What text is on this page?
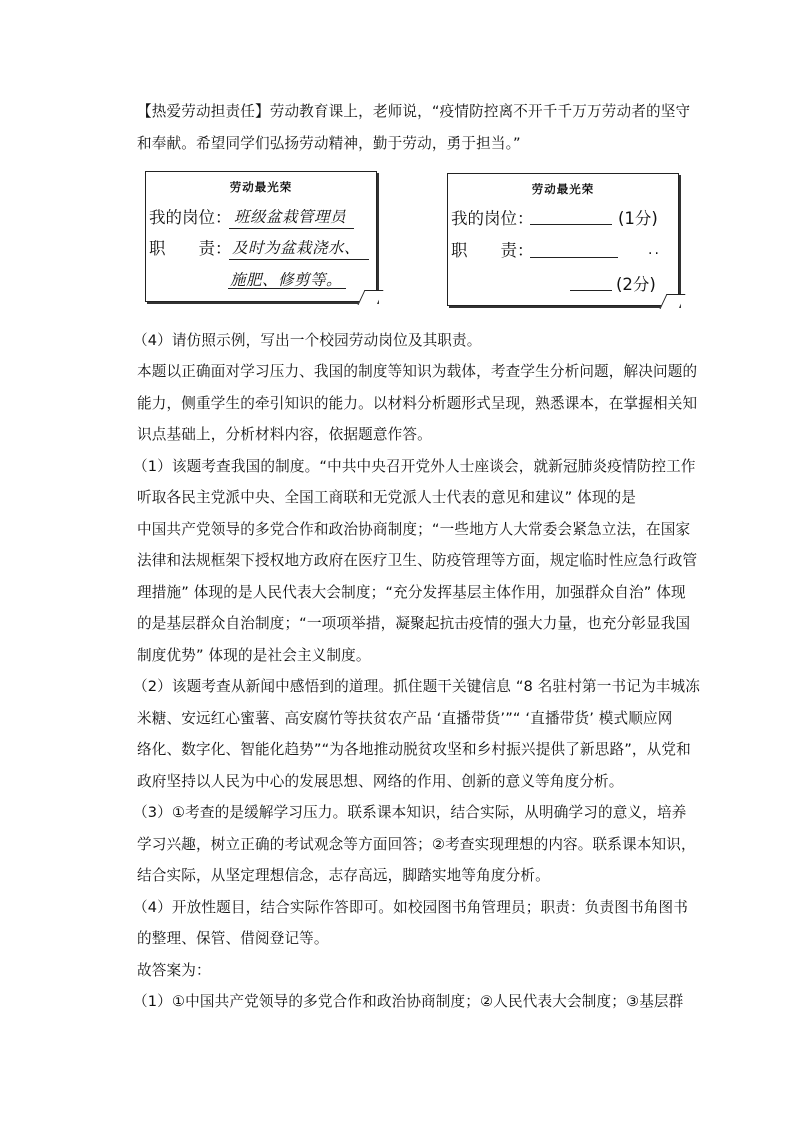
【热爱劳动担责任】劳动教育课上，老师说，“疫情防控离不开千千万万劳动者的坚守
和奉献。希望同学们弘扬劳动精神，勤于劳动，勇于担当。”
劳动最光荣
我的岗位： 班级盆栽管理员
职　　责： 及时为盆栽浇水、
施肥、修剪等。
劳动最光荣
我的岗位：	(1分)
职　　责：	..
(2分)
（4）请仿照示例，写出一个校园劳动岗位及其职责。
本题以正确面对学习压力、我国的制度等知识为载体，考查学生分析问题，解决问题的
能力，侧重学生的牵引知识的能力。以材料分析题形式呈现，熟悉课本，在掌握相关知
识点基础上，分析材料内容，依据题意作答。
（1）该题考查我国的制度。“中共中央召开党外人士座谈会，就新冠肺炎疫情防控工作
听取各民主党派中央、全国工商联和无党派人士代表的意见和建议” 体现的是
中国共产党领导的多党合作和政治协商制度；“一些地方人大常委会紧急立法，在国家
法律和法规框架下授权地方政府在医疗卫生、防疫管理等方面，规定临时性应急行政管
理措施” 体现的是人民代表大会制度；“充分发挥基层主体作用，加强群众自治” 体现
的是基层群众自治制度；“一项项举措，凝聚起抗击疫情的强大力量，也充分彰显我国
制度优势” 体现的是社会主义制度。
（2）该题考查从新闻中感悟到的道理。抓住题干关键信息 “8 名驻村第一书记为丰城冻
米糖、安远红心蜜薯、高安腐竹等扶贫农产品 ‘直播带货’”“ ‘直播带货’ 模式顺应网
络化、数字化、智能化趋势”“为各地推动脱贫攻坚和乡村振兴提供了新思路”，从党和
政府坚持以人民为中心的发展思想、网络的作用、创新的意义等角度分析。
（3）①考查的是缓解学习压力。联系课本知识，结合实际，从明确学习的意义，培养
学习兴趣，树立正确的考试观念等方面回答；②考查实现理想的内容。联系课本知识，
结合实际，从坚定理想信念，志存高远，脚踏实地等角度分析。
（4）开放性题目，结合实际作答即可。如校园图书角管理员；职责：负责图书角图书
的整理、保管、借阅登记等。
故答案为：
（1）①中国共产党领导的多党合作和政治协商制度；②人民代表大会制度；③基层群
